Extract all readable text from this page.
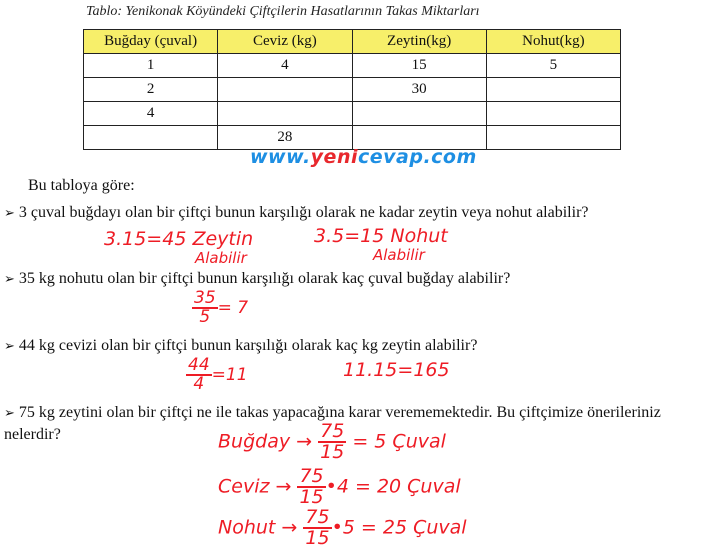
Tablo: Yenikonak Köyündeki Çiftçilerin Hasatlarının Takas Miktarları
Buğday (çuval)	Ceviz (kg)	Zeytin(kg)	Nohut(kg)
1	4	15	5
2		30	
4			
	28		
www.yenicevap.com
Bu tabloya göre:
➢ 3 çuval buğdayı olan bir çiftçi bunun karşılığı olarak ne kadar zeytin veya nohut alabilir?
3.15=45 Zeytin
Alabilir
3.5=15 Nohut
Alabilir
➢ 35 kg nohutu olan bir çiftçi bunun karşılığı olarak kaç çuval buğday alabilir?
$\frac{35}{5} = 7$
➢ 44 kg cevizi olan bir çiftçi bunun karşılığı olarak kaç kg zeytin alabilir?
$\frac{44}{4} =11$	11.15=165
➢ 75 kg zeytini olan bir çiftçi ne ile takas yapacağına karar verememektedir. Bu çiftçimize önerileriniz
nelerdir?	Buğday → $\frac{75}{15} = 5$ Çuval
Ceviz → $\frac{75}{15}$ •4 = 20 Çuval
Nohut → $\frac{75}{15}$ •5 = 25 Çuval
